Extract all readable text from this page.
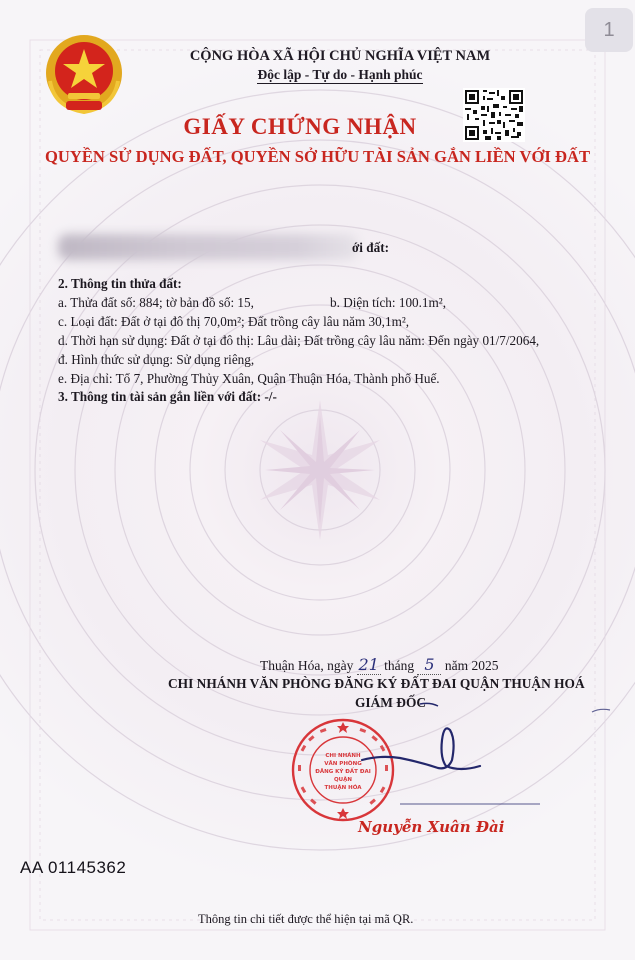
1
CỘNG HÒA XÃ HỘI CHỦ NGHĨA VIỆT NAM
Độc lập - Tự do - Hạnh phúc
GIẤY CHỨNG NHẬN
QUYỀN SỬ DỤNG ĐẤT, QUYỀN SỞ HỮU TÀI SẢN GẮN LIỀN VỚI ĐẤT
ới đất:
2. Thông tin thửa đất:
a. Thửa đất số: 884; tờ bản đồ số: 15,	b. Diện tích: 100.1m²,
c. Loại đất: Đất ở tại đô thị 70,0m²; Đất trồng cây lâu năm 30,1m²,
d. Thời hạn sử dụng: Đất ở tại đô thị: Lâu dài; Đất trồng cây lâu năm: Đến ngày 01/7/2064,
đ. Hình thức sử dụng: Sử dụng riêng,
e. Địa chỉ: Tổ 7, Phường Thủy Xuân, Quận Thuận Hóa, Thành phố Huế.
3. Thông tin tài sản gắn liền với đất: -/-
Thuận Hóa, ngày 21 tháng 5 năm 2025
CHI NHÁNH VĂN PHÒNG ĐĂNG KÝ ĐẤT ĐAI QUẬN THUẬN HOÁ
GIÁM ĐỐC
CHI NHÁNH
VĂN PHÒNG
ĐĂNG KÝ ĐẤT ĐAI
QUẬN
THUẬN HÓA
Nguyễn Xuân Đài
AA 01145362
Thông tin chi tiết được thể hiện tại mã QR.
